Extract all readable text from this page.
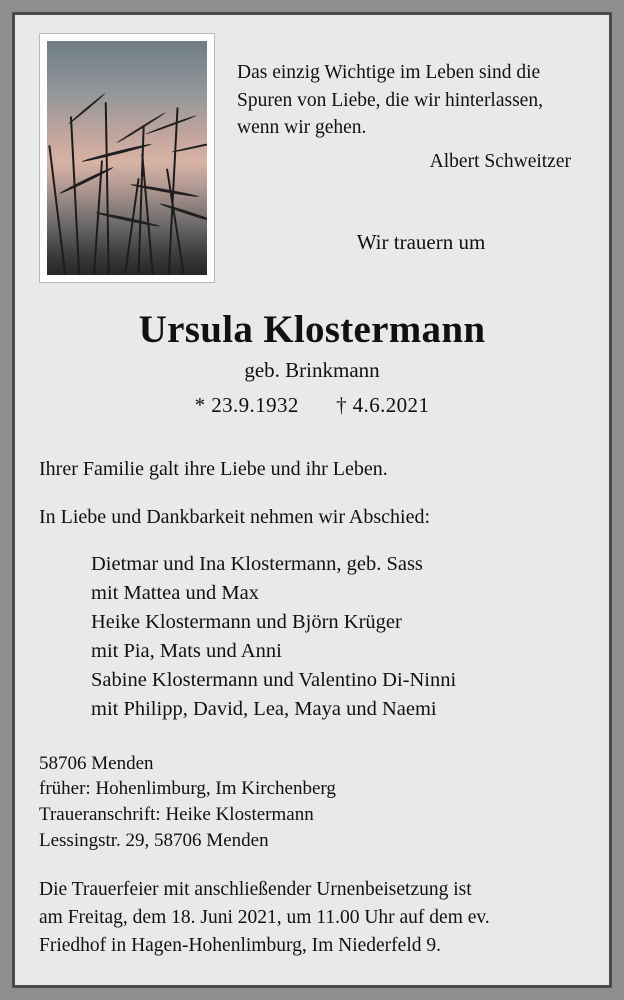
Das einzig Wichtige im Leben sind die

Spuren von Liebe, die wir hinterlassen,

wenn wir gehen.

Albert Schweitzer

Wir trauern um
Ursula Klostermann
geb. Brinkmann
* 23.9.1932 † 4.6.2021
Ihrer Familie galt ihre Liebe und ihr Leben.
In Liebe und Dankbarkeit nehmen wir Abschied:
Dietmar und Ina Klostermann, geb. Sass
mit Mattea und Max
Heike Klostermann und Björn Krüger
mit Pia, Mats und Anni
Sabine Klostermann und Valentino Di-Ninni
mit Philipp, David, Lea, Maya und Naemi
58706 Menden
früher: Hohenlimburg, Im Kirchenberg
Traueranschrift: Heike Klostermann
Lessingstr. 29, 58706 Menden
Die Trauerfeier mit anschließender Urnenbeisetzung ist
am Freitag, dem 18. Juni 2021, um 11.00 Uhr auf dem ev.
Friedhof in Hagen-Hohenlimburg, Im Niederfeld 9.
